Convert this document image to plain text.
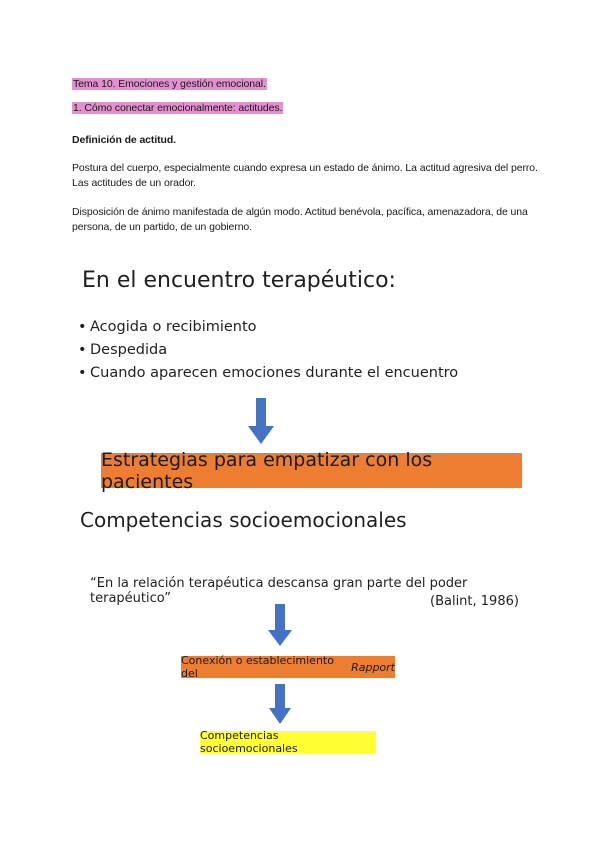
Tema 10. Emociones y gestión emocional.
1. Cómo conectar emocionalmente: actitudes.
Definición de actitud.
Postura del cuerpo, especialmente cuando expresa un estado de ánimo. La actitud agresiva del perro. Las actitudes de un orador.
Disposición de ánimo manifestada de algún modo. Actitud benévola, pacífica, amenazadora, de una persona, de un partido, de un gobierno.
En el encuentro terapéutico:
• Acogida o recibimiento
• Despedida
• Cuando aparecen emociones durante el encuentro
Estrategias para empatizar con los pacientes
Competencias socioemocionales
“En la relación terapéutica descansa gran parte del poder terapéutico”	(Balint, 1986)
Conexión o establecimiento del	Rapport
Competencias socioemocionales
